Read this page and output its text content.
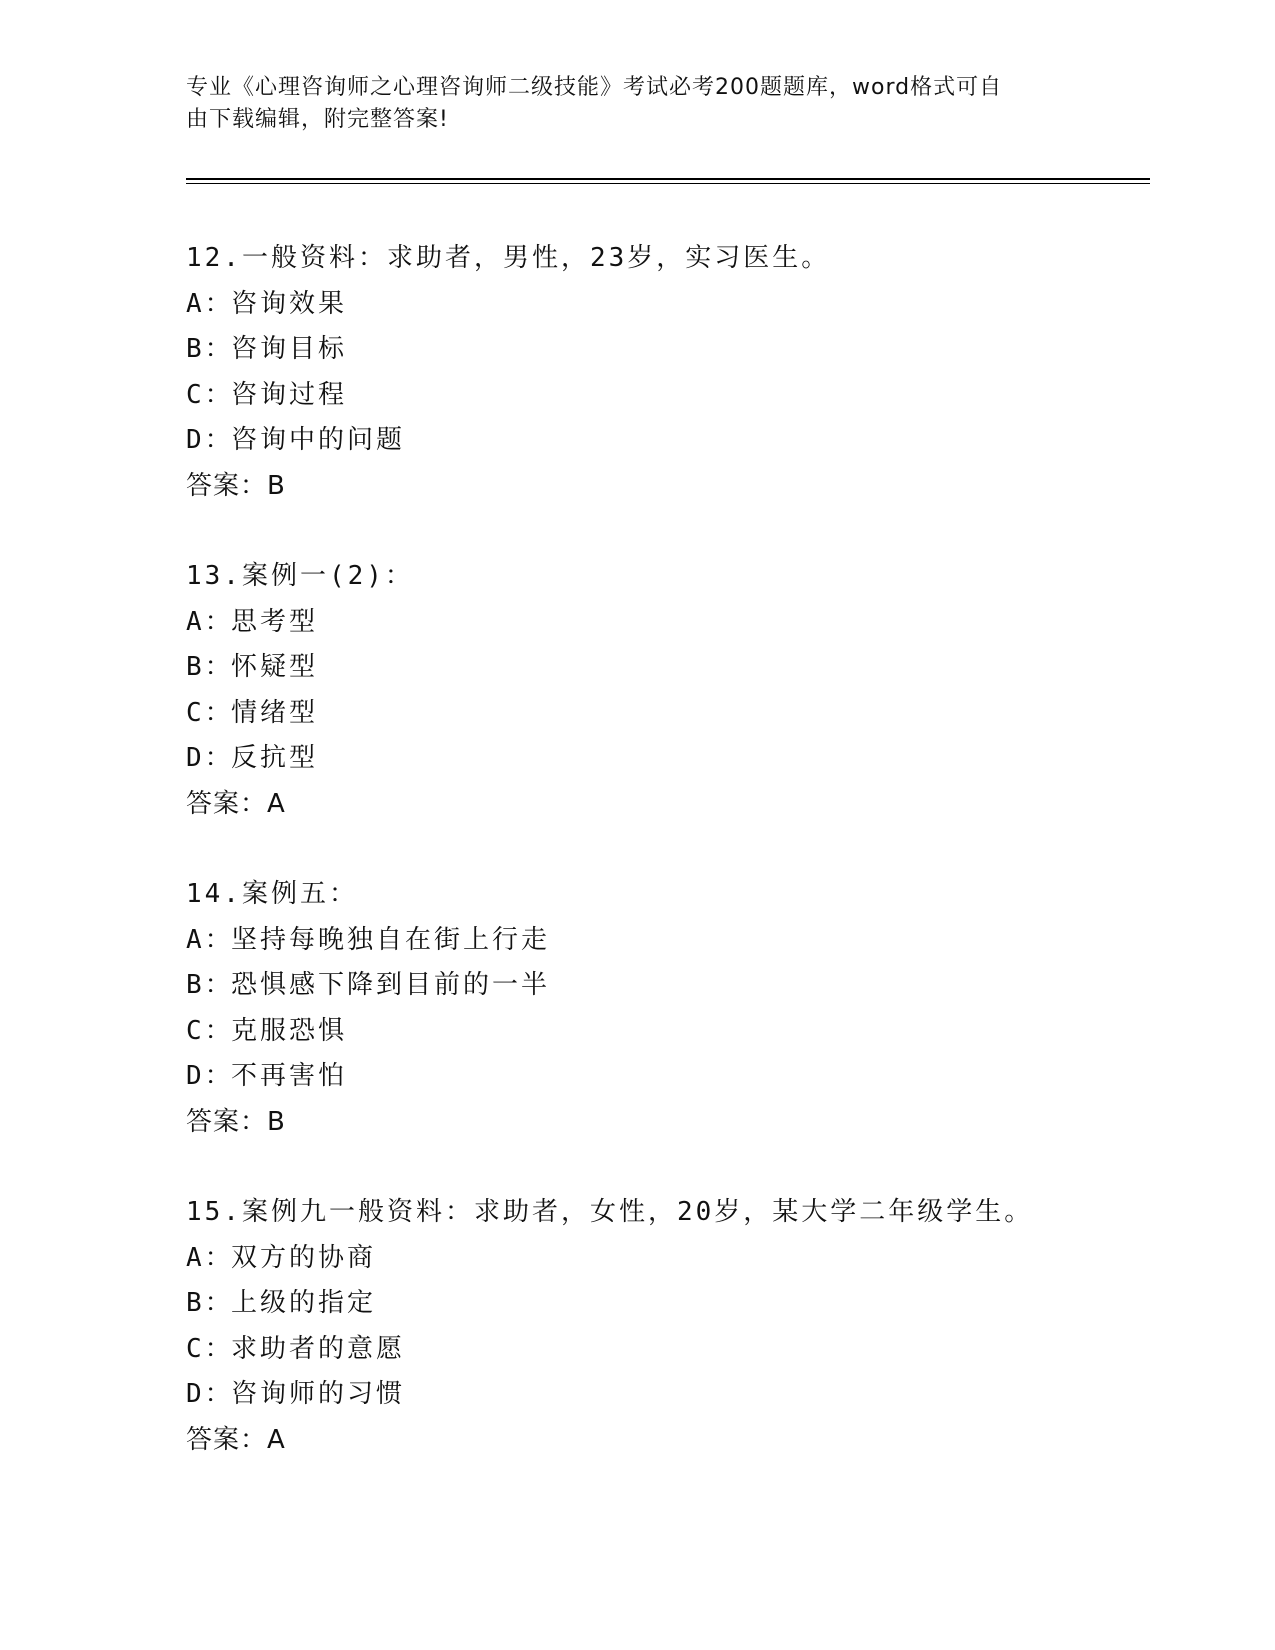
专业《心理咨询师之心理咨询师二级技能》考试必考200题题库，word格式可自
由下载编辑，附完整答案!
12.一般资料：求助者，男性，23岁，实习医生。
A：咨询效果
B：咨询目标
C：咨询过程
D：咨询中的问题
答案：B
13.案例一(2)：
A：思考型
B：怀疑型
C：情绪型
D：反抗型
答案：A
14.案例五：
A：坚持每晚独自在街上行走
B：恐惧感下降到目前的一半
C：克服恐惧
D：不再害怕
答案：B
15.案例九一般资料：求助者，女性，20岁，某大学二年级学生。
A：双方的协商
B：上级的指定
C：求助者的意愿
D：咨询师的习惯
答案：A
